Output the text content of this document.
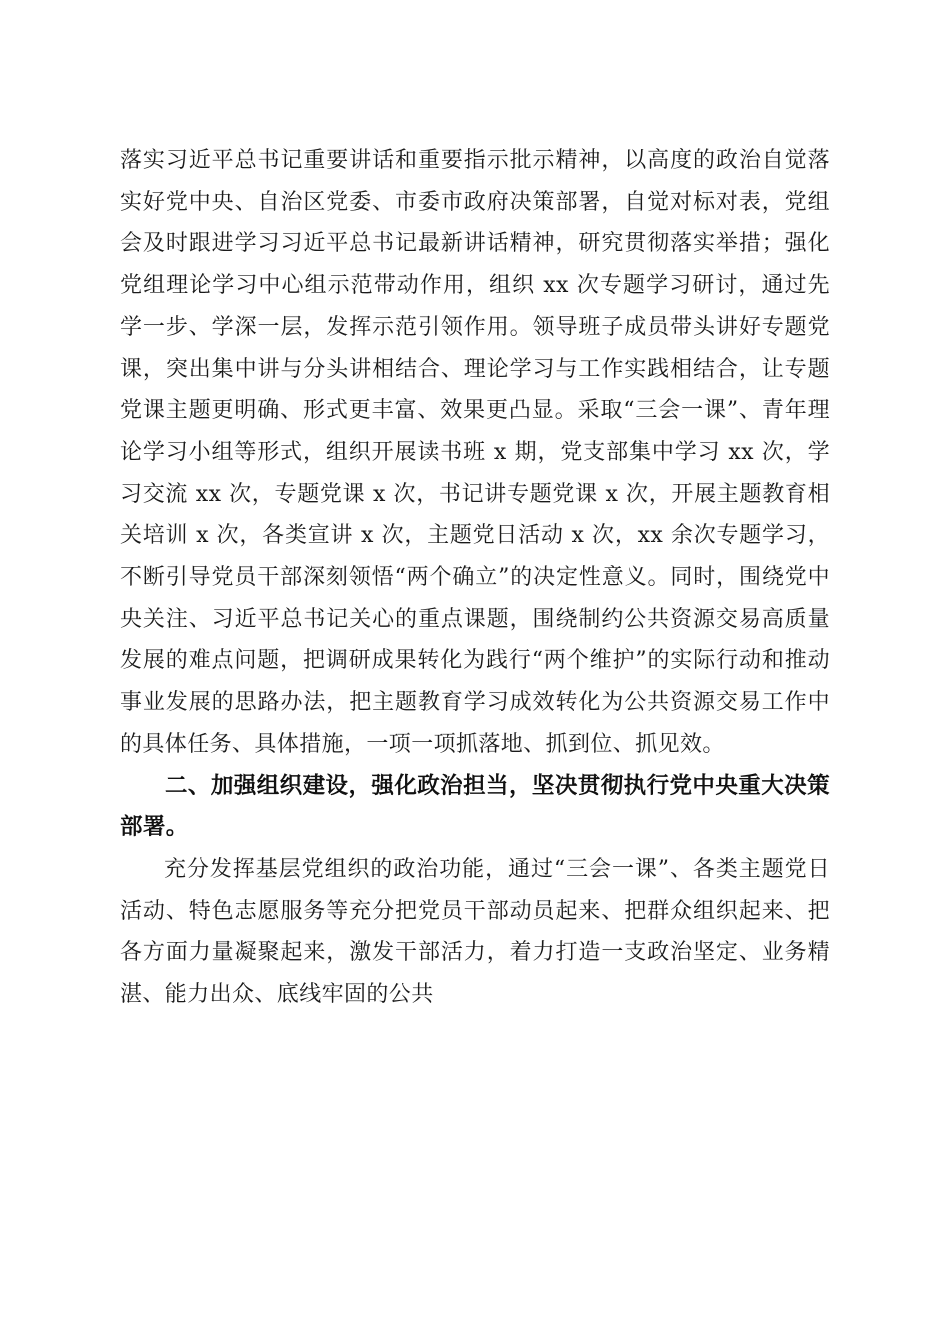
落实习近平总书记重要讲话和重要指示批示精神，以高度的政治自觉落实好党中央、自治区党委、市委市政府决策部署，自觉对标对表，党组会及时跟进学习习近平总书记最新讲话精神，研究贯彻落实举措；强化党组理论学习中心组示范带动作用，组织 xx 次专题学习研讨，通过先学一步、学深一层，发挥示范引领作用。领导班子成员带头讲好专题党课，突出集中讲与分头讲相结合、理论学习与工作实践相结合，让专题党课主题更明确、形式更丰富、效果更凸显。采取“三会一课”、青年理论学习小组等形式，组织开展读书班 x 期，党支部集中学习 xx 次，学习交流 xx 次，专题党课 x 次，书记讲专题党课 x 次，开展主题教育相关培训 x 次，各类宣讲 x 次，主题党日活动 x 次，xx 余次专题学习，不断引导党员干部深刻领悟“两个确立”的决定性意义。同时，围绕党中央关注、习近平总书记关心的重点课题，围绕制约公共资源交易高质量发展的难点问题，把调研成果转化为践行“两个维护”的实际行动和推动事业发展的思路办法，把主题教育学习成效转化为公共资源交易工作中的具体任务、具体措施，一项一项抓落地、抓到位、抓见效。

二、加强组织建设，强化政治担当，坚决贯彻执行党中央重大决策部署。

充分发挥基层党组织的政治功能，通过“三会一课”、各类主题党日活动、特色志愿服务等充分把党员干部动员起来、把群众组织起来、把各方面力量凝聚起来，激发干部活力，着力打造一支政治坚定、业务精湛、能力出众、底线牢固的公共
